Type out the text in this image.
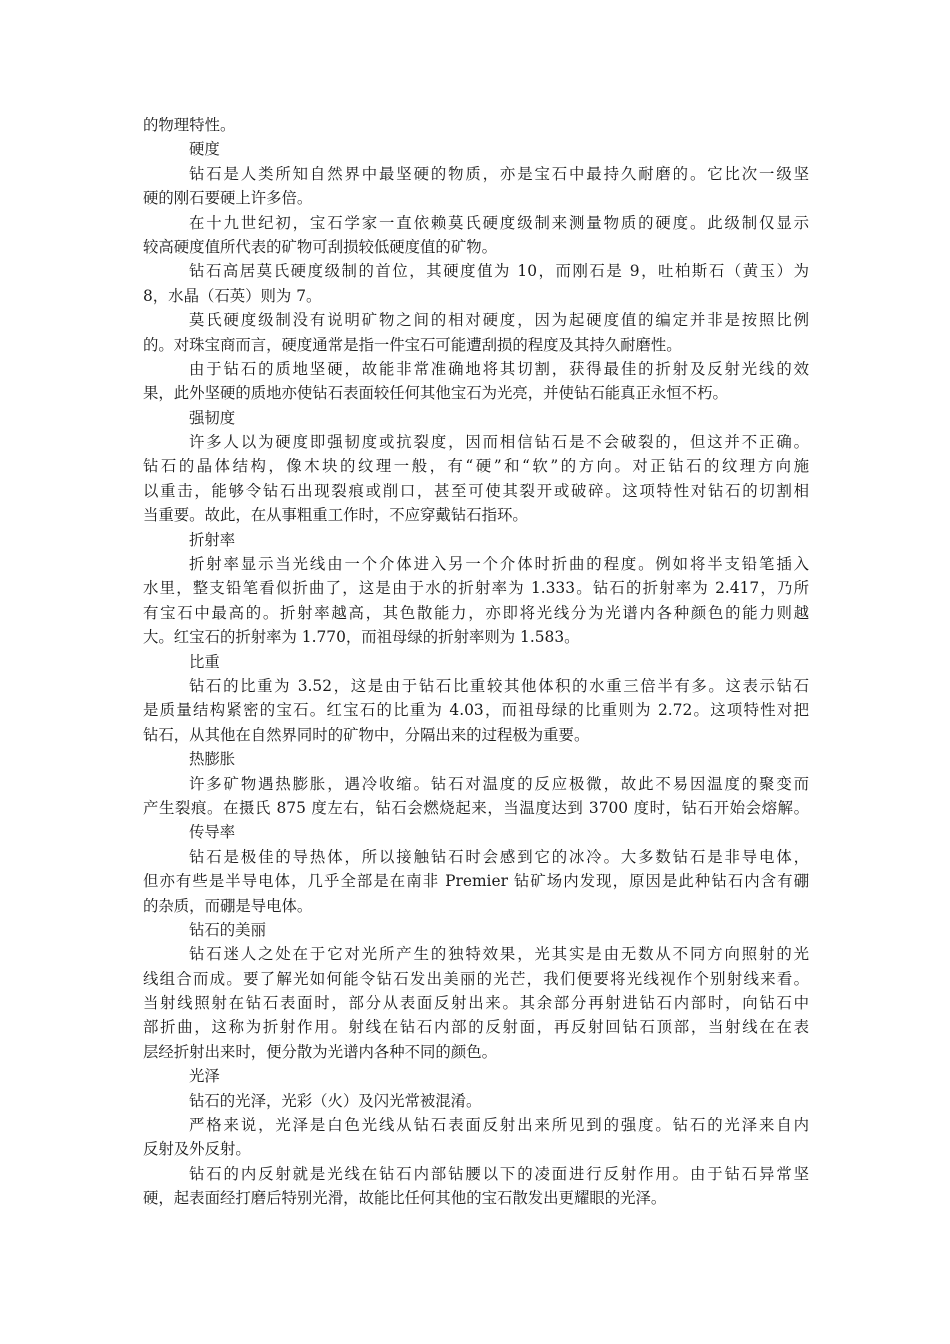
的物理特性。

硬度

钻石是人类所知自然界中最坚硬的物质，亦是宝石中最持久耐磨的。它比次一级坚

硬的刚石要硬上许多倍。

在十九世纪初，宝石学家一直依赖莫氏硬度级制来测量物质的硬度。此级制仅显示

较高硬度值所代表的矿物可刮损较低硬度值的矿物。

钻石高居莫氏硬度级制的首位，其硬度值为 10，而刚石是 9，吐柏斯石（黄玉）为

8，水晶（石英）则为 7。

莫氏硬度级制没有说明矿物之间的相对硬度，因为起硬度值的编定并非是按照比例

的。对珠宝商而言，硬度通常是指一件宝石可能遭刮损的程度及其持久耐磨性。

由于钻石的质地坚硬，故能非常准确地将其切割，获得最佳的折射及反射光线的效

果，此外坚硬的质地亦使钻石表面较任何其他宝石为光亮，并使钻石能真正永恒不朽。

强韧度

许多人以为硬度即强韧度或抗裂度，因而相信钻石是不会破裂的，但这并不正确。

钻石的晶体结构，像木块的纹理一般，有“硬”和“软”的方向。对正钻石的纹理方向施

以重击，能够令钻石出现裂痕或削口，甚至可使其裂开或破碎。这项特性对钻石的切割相

当重要。故此，在从事粗重工作时，不应穿戴钻石指环。

折射率

折射率显示当光线由一个介体进入另一个介体时折曲的程度。例如将半支铅笔插入

水里，整支铅笔看似折曲了，这是由于水的折射率为 1.333。钻石的折射率为 2.417，乃所

有宝石中最高的。折射率越高，其色散能力，亦即将光线分为光谱内各种颜色的能力则越

大。红宝石的折射率为 1.770，而祖母绿的折射率则为 1.583。

比重

钻石的比重为 3.52，这是由于钻石比重较其他体积的水重三倍半有多。这表示钻石

是质量结构紧密的宝石。红宝石的比重为 4.03，而祖母绿的比重则为 2.72。这项特性对把

钻石，从其他在自然界同时的矿物中，分隔出来的过程极为重要。

热膨胀

许多矿物遇热膨胀，遇冷收缩。钻石对温度的反应极微，故此不易因温度的聚变而

产生裂痕。在摄氏 875 度左右，钻石会燃烧起来，当温度达到 3700 度时，钻石开始会熔解。

传导率

钻石是极佳的导热体，所以接触钻石时会感到它的冰冷。大多数钻石是非导电体，

但亦有些是半导电体，几乎全部是在南非 Premier 钻矿场内发现，原因是此种钻石内含有硼

的杂质，而硼是导电体。

钻石的美丽

钻石迷人之处在于它对光所产生的独特效果，光其实是由无数从不同方向照射的光

线组合而成。要了解光如何能令钻石发出美丽的光芒，我们便要将光线视作个别射线来看。

当射线照射在钻石表面时，部分从表面反射出来。其余部分再射进钻石内部时，向钻石中

部折曲，这称为折射作用。射线在钻石内部的反射面，再反射回钻石顶部，当射线在在表

层经折射出来时，便分散为光谱内各种不同的颜色。

光泽

钻石的光泽，光彩（火）及闪光常被混淆。

严格来说，光泽是白色光线从钻石表面反射出来所见到的强度。钻石的光泽来自内

反射及外反射。

钻石的内反射就是光线在钻石内部钻腰以下的凌面进行反射作用。由于钻石异常坚

硬，起表面经打磨后特别光滑，故能比任何其他的宝石散发出更耀眼的光泽。
